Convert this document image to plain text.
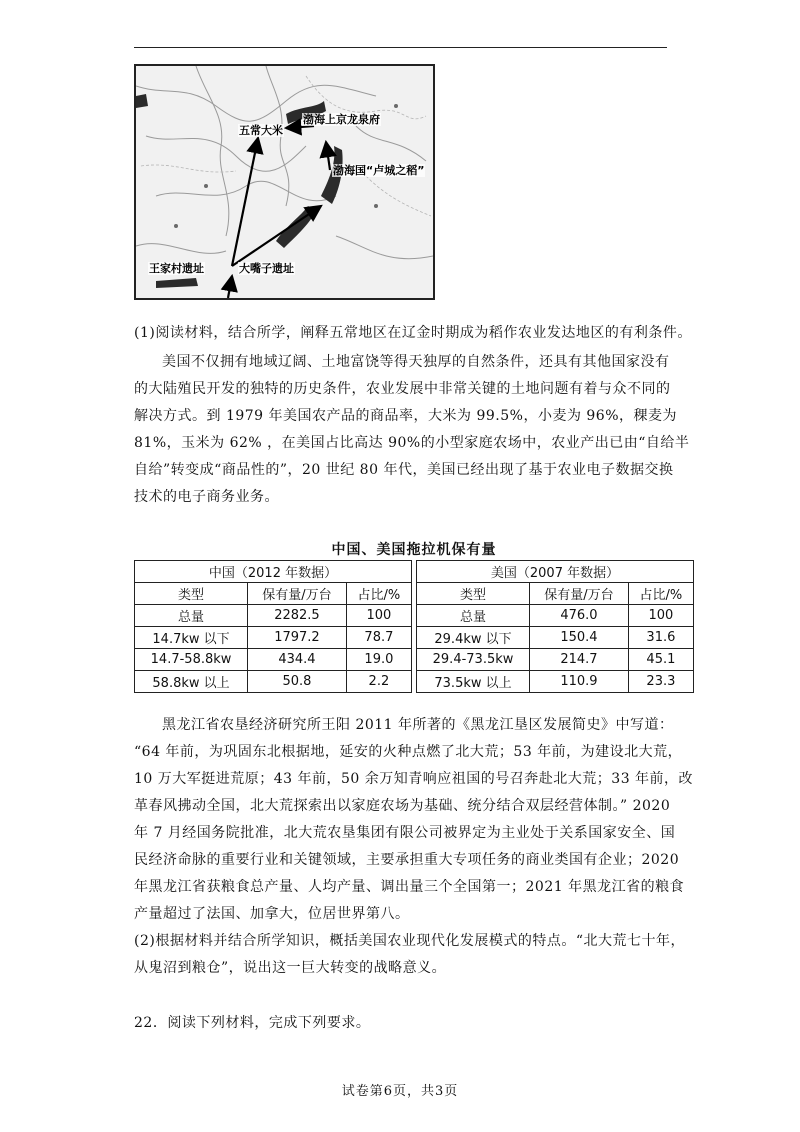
五常大米
渤海上京龙泉府
渤海国“卢城之稻”
王家村遗址	大嘴子遗址
(1)阅读材料，结合所学，阐释五常地区在辽金时期成为稻作农业发达地区的有利条件。
美国不仅拥有地域辽阔、土地富饶等得天独厚的自然条件，还具有其他国家没有
的大陆殖民开发的独特的历史条件，农业发展中非常关键的土地问题有着与众不同的
解决方式。到 1979 年美国农产品的商品率，大米为 99.5%，小麦为 96%，稞麦为
81%，玉米为 62% ，在美国占比高达 90%的小型家庭农场中，农业产出已由“自给半
自给”转变成“商品性的”，20 世纪 80 年代，美国已经出现了基于农业电子数据交换
技术的电子商务业务。
中国、美国拖拉机保有量
中国（2012 年数据）				美国（2007 年数据）		
类型	保有量/万台	占比/%		类型	保有量/万台	占比/%
总量	2282.5	100		总量	476.0	100
14.7kw 以下	1797.2	78.7		29.4kw 以下	150.4	31.6
14.7-58.8kw	434.4	19.0		29.4-73.5kw	214.7	45.1
58.8kw 以上	50.8	2.2		73.5kw 以上	110.9	23.3
黑龙江省农垦经济研究所王阳 2011 年所著的《黑龙江垦区发展简史》中写道：
“64 年前，为巩固东北根据地，延安的火种点燃了北大荒；53 年前，为建设北大荒，
10 万大军挺进荒原；43 年前，50 余万知青响应祖国的号召奔赴北大荒；33 年前，改
革春风拂动全国，北大荒探索出以家庭农场为基础、统分结合双层经营体制。” 2020
年 7 月经国务院批准，北大荒农垦集团有限公司被界定为主业处于关系国家安全、国
民经济命脉的重要行业和关键领域，主要承担重大专项任务的商业类国有企业；2020
年黑龙江省获粮食总产量、人均产量、调出量三个全国第一；2021 年黑龙江省的粮食
产量超过了法国、加拿大，位居世界第八。
(2)根据材料并结合所学知识，概括美国农业现代化发展模式的特点。“北大荒七十年，
从鬼沼到粮仓”，说出这一巨大转变的战略意义。
22．阅读下列材料，完成下列要求。
试卷第6页，共3页
